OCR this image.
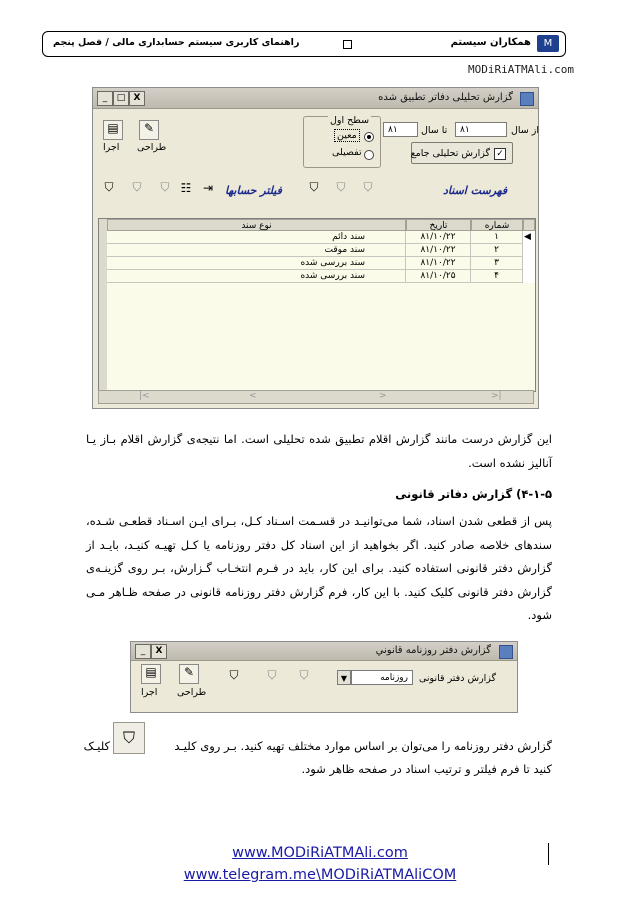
M
همکاران سیستم
راهنمای کاربری سیستم حسابداری مالی / فصل پنجم
MODiRiATMAli.com
_	□ X	گزارش تحلیلی دفاتر تطبیق شده
از سال
۸۱
تا سال
۸۱
✓
گزارش تحلیلی جامع
سطح اول
معین
تفصیلی
▤
اجرا
✎
طراحی
فهرست اسناد
فیلتر حسابها
⛉	⛉	⛉ ☷ ⇥	⛉	⛉	⛉
شماره
تاریخ
نوع سند
۱
۸۱/۱۰/۲۲
سند دائم	◀
۲
۸۱/۱۰/۲۲
سند موقت
۳
۸۱/۱۰/۲۲
سند بررسی شده
۴
۸۱/۱۰/۲۵
سند بررسی شده
|<	<	>	>|
این گزارش درست مانند گزارش اقلام تطبیق شده تحلیلی است. اما نتیجه‌ی گزارش اقلام بـاز یـا آنالیز نشده است.
۴-۱-۵) گزارش دفاتر قانونی
پس از قطعی شدن اسناد، شما می‌توانیـد در قسـمت اسـناد کـل، بـرای ایـن اسـناد قطعـی شـده، سندهای خلاصه صادر کنید. اگر بخواهید از این اسناد کل دفتر روزنامه یا کـل تهیـه کنیـد، بایـد از گزارش دفتر قانونی استفاده کنید. برای این کار، باید در فـرم انتخـاب گـزارش، بـر روی گزینـه‌ی گزارش دفتر قانونی کلیک کنید. با این کار، فرم گزارش دفتر روزنامه قانونی در صفحه ظـاهر مـی شود.
_	X	گزارش دفتر روزنامه قانوني
گزارش دفتر قانونی
روزنامه
▼
⛉	⛉	⛉
▤
اجرا
✎
طراحی
گزارش دفتر روزنامه را می‌توان بر اساس موارد مختلف تهیه کنید. بـر روی کلیـد
⛉
کلیـک
کنید تا فرم فیلتر و ترتیب اسناد در صفحه ظاهر شود.
www.MODiRiATMAli.com
www.telegram.me\MODiRiATMAliCOM
